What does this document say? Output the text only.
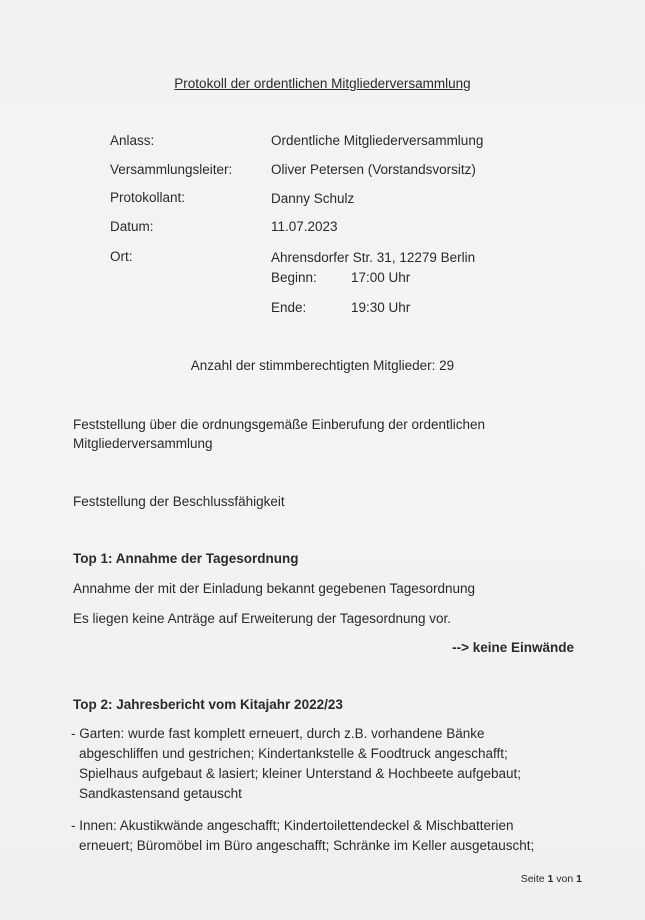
Protokoll der ordentlichen Mitgliederversammlung
Anlass:	Ordentliche Mitgliederversammlung
Versammlungsleiter:	Oliver Petersen (Vorstandsvorsitz)
Protokollant:	Danny Schulz
Datum:	11.07.2023
Ort:	Ahrensdorfer Str. 31, 12279 Berlin
Beginn:	17:00 Uhr
Ende:	19:30 Uhr
Anzahl der stimmberechtigten Mitglieder: 29
Feststellung über die ordnungsgemäße Einberufung der ordentlichen
Mitgliederversammlung
Feststellung der Beschlussfähigkeit
Top 1: Annahme der Tagesordnung
Annahme der mit der Einladung bekannt gegebenen Tagesordnung
Es liegen keine Anträge auf Erweiterung der Tagesordnung vor.
--> keine Einwände
Top 2: Jahresbericht vom Kitajahr 2022/23
- Garten: wurde fast komplett erneuert, durch z.B. vorhandene Bänke
abgeschliffen und gestrichen; Kindertankstelle & Foodtruck angeschafft;
Spielhaus aufgebaut & lasiert; kleiner Unterstand & Hochbeete aufgebaut;
Sandkastensand getauscht
- Innen: Akustikwände angeschafft; Kindertoilettendeckel & Mischbatterien
erneuert; Büromöbel im Büro angeschafft; Schränke im Keller ausgetauscht;
Seite 1 von 1
